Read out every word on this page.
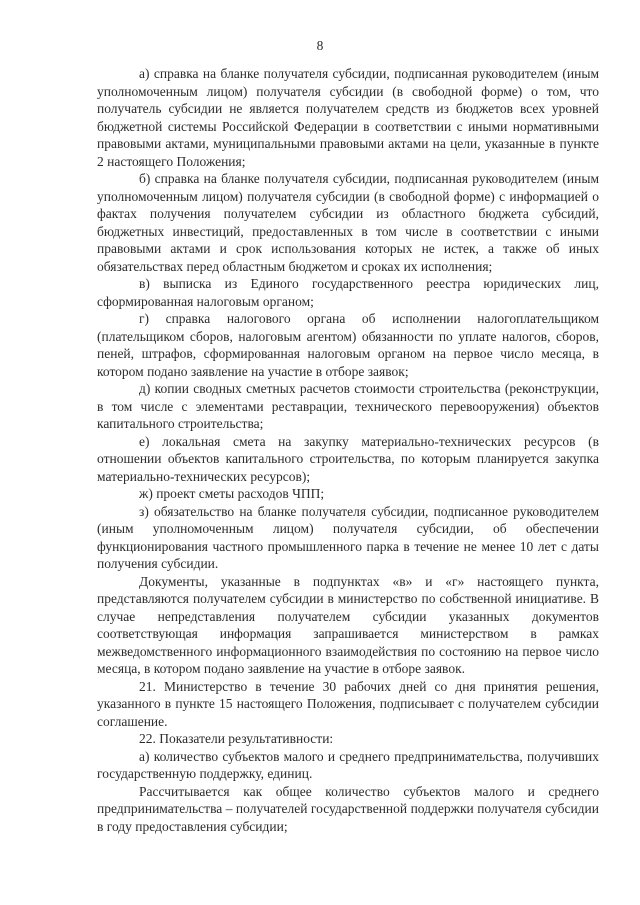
8

а) справка на бланке получателя субсидии, подписанная руководителем (иным уполномоченным лицом) получателя субсидии (в свободной форме) о том, что получатель субсидии не является получателем средств из бюджетов всех уровней бюджетной системы Российской Федерации в соответствии с иными нормативными правовыми актами, муниципальными правовыми актами на цели, указанные в пункте 2 настоящего Положения;

б) справка на бланке получателя субсидии, подписанная руководителем (иным уполномоченным лицом) получателя субсидии (в свободной форме) с информацией о фактах получения получателем субсидии из областного бюджета субсидий, бюджетных инвестиций, предоставленных в том числе в соответствии с иными правовыми актами и срок использования которых не истек, а также об иных обязательствах перед областным бюджетом и сроках их исполнения;

в) выписка из Единого государственного реестра юридических лиц, сформированная налоговым органом;

г) справка налогового органа об исполнении налогоплательщиком (плательщиком сборов, налоговым агентом) обязанности по уплате налогов, сборов, пеней, штрафов, сформированная налоговым органом на первое число месяца, в котором подано заявление на участие в отборе заявок;

д) копии сводных сметных расчетов стоимости строительства (реконструкции, в том числе с элементами реставрации, технического перевооружения) объектов капитального строительства;

е) локальная смета на закупку материально-технических ресурсов (в отношении объектов капитального строительства, по которым планируется закупка материально-технических ресурсов);

ж) проект сметы расходов ЧПП;

з) обязательство на бланке получателя субсидии, подписанное руководителем (иным уполномоченным лицом) получателя субсидии, об обеспечении функционирования частного промышленного парка в течение не менее 10 лет с даты получения субсидии.

Документы, указанные в подпунктах «в» и «г» настоящего пункта, представляются получателем субсидии в министерство по собственной инициативе. В случае непредставления получателем субсидии указанных документов соответствующая информация запрашивается министерством в рамках межведомственного информационного взаимодействия по состоянию на первое число месяца, в котором подано заявление на участие в отборе заявок.

21. Министерство в течение 30 рабочих дней со дня принятия решения, указанного в пункте 15 настоящего Положения, подписывает с получателем субсидии соглашение.

22. Показатели результативности:

а) количество субъектов малого и среднего предпринимательства, получивших государственную поддержку, единиц.

Рассчитывается как общее количество субъектов малого и среднего предпринимательства – получателей государственной поддержки получателя субсидии в году предоставления субсидии;
